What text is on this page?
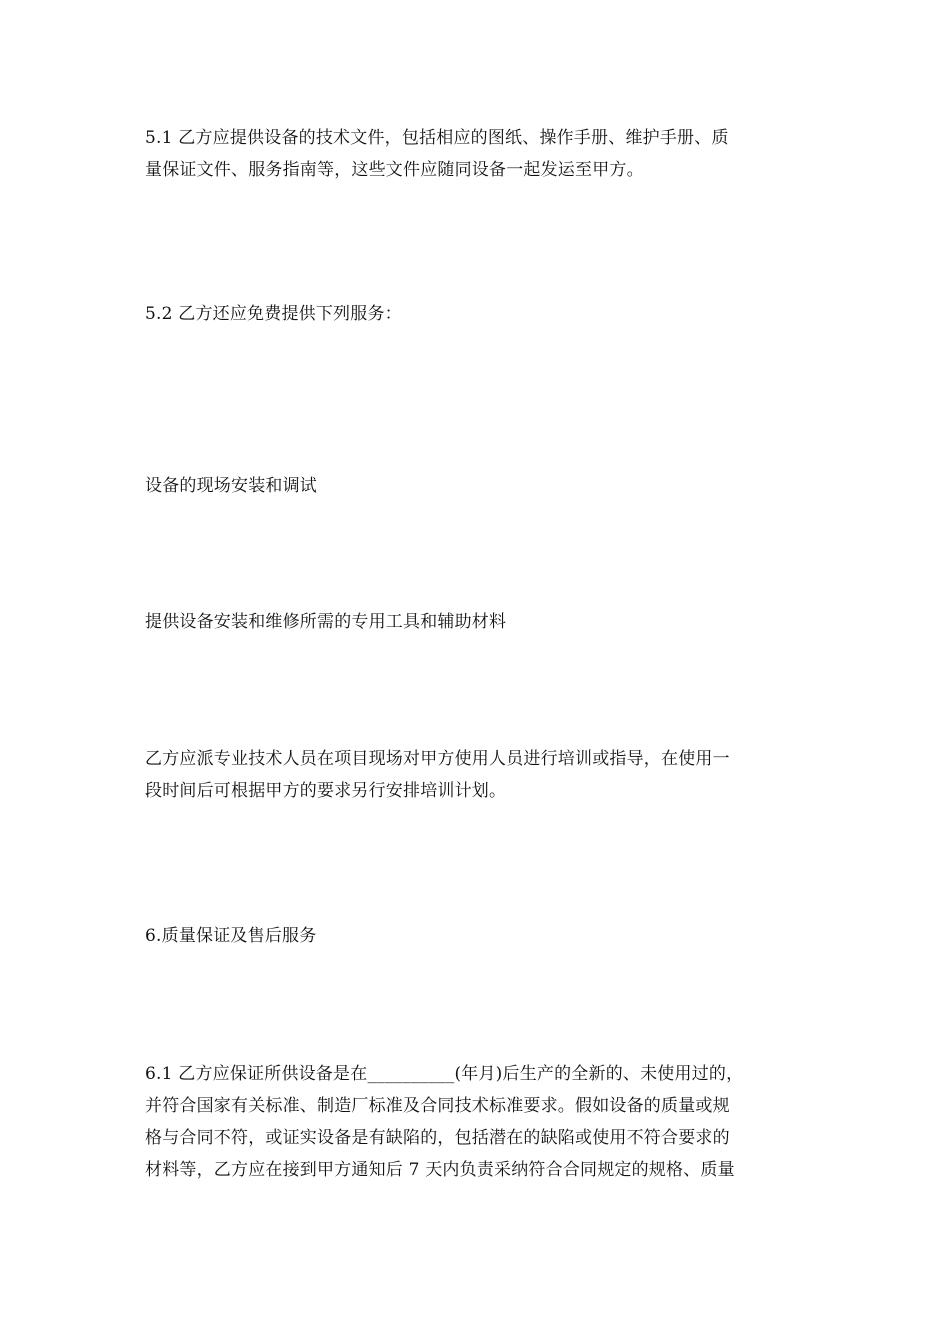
5.1 乙方应提供设备的技术文件，包括相应的图纸、操作手册、维护手册、质
量保证文件、服务指南等，这些文件应随同设备一起发运至甲方。

5.2 乙方还应免费提供下列服务：

设备的现场安装和调试

提供设备安装和维修所需的专用工具和辅助材料

乙方应派专业技术人员在项目现场对甲方使用人员进行培训或指导，在使用一
段时间后可根据甲方的要求另行安排培训计划。

6.质量保证及售后服务

6.1 乙方应保证所供设备是在__________(年月)后生产的全新的、未使用过的，
并符合国家有关标准、制造厂标准及合同技术标准要求。假如设备的质量或规
格与合同不符，或证实设备是有缺陷的，包括潜在的缺陷或使用不符合要求的
材料等，乙方应在接到甲方通知后 7 天内负责采纳符合合同规定的规格、质量
